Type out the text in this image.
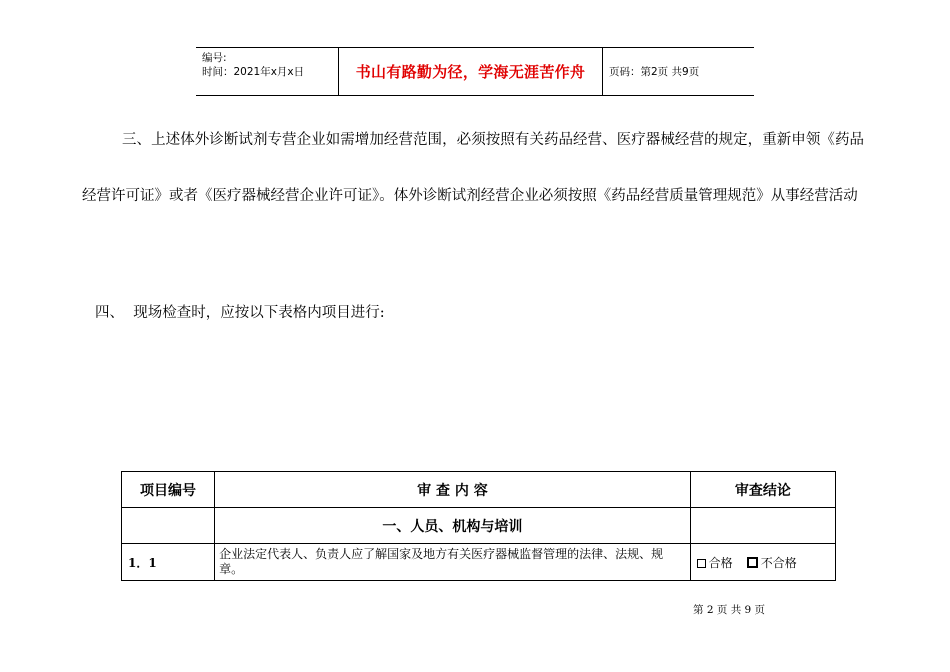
编号:
时间：2021年x月x日	书山有路勤为径，学海无涯苦作舟	页码：第2页 共9页

三、上述体外诊断试剂专营企业如需增加经营范围，必须按照有关药品经营、医疗器械经营的规定，重新申领《药品经营许可证》或者《医疗器械经营企业许可证》。体外诊断试剂经营企业必须按照《药品经营质量管理规范》从事经营活动

四、  现场检查时，应按以下表格内项目进行:

项目编号	审 查 内 容	审查结论
	一、人员、机构与培训	
1．1	企业法定代表人、负责人应了解国家及地方有关医疗器械监督管理的法律、法规、规章。	合格 不合格
第 2 页 共 9 页
